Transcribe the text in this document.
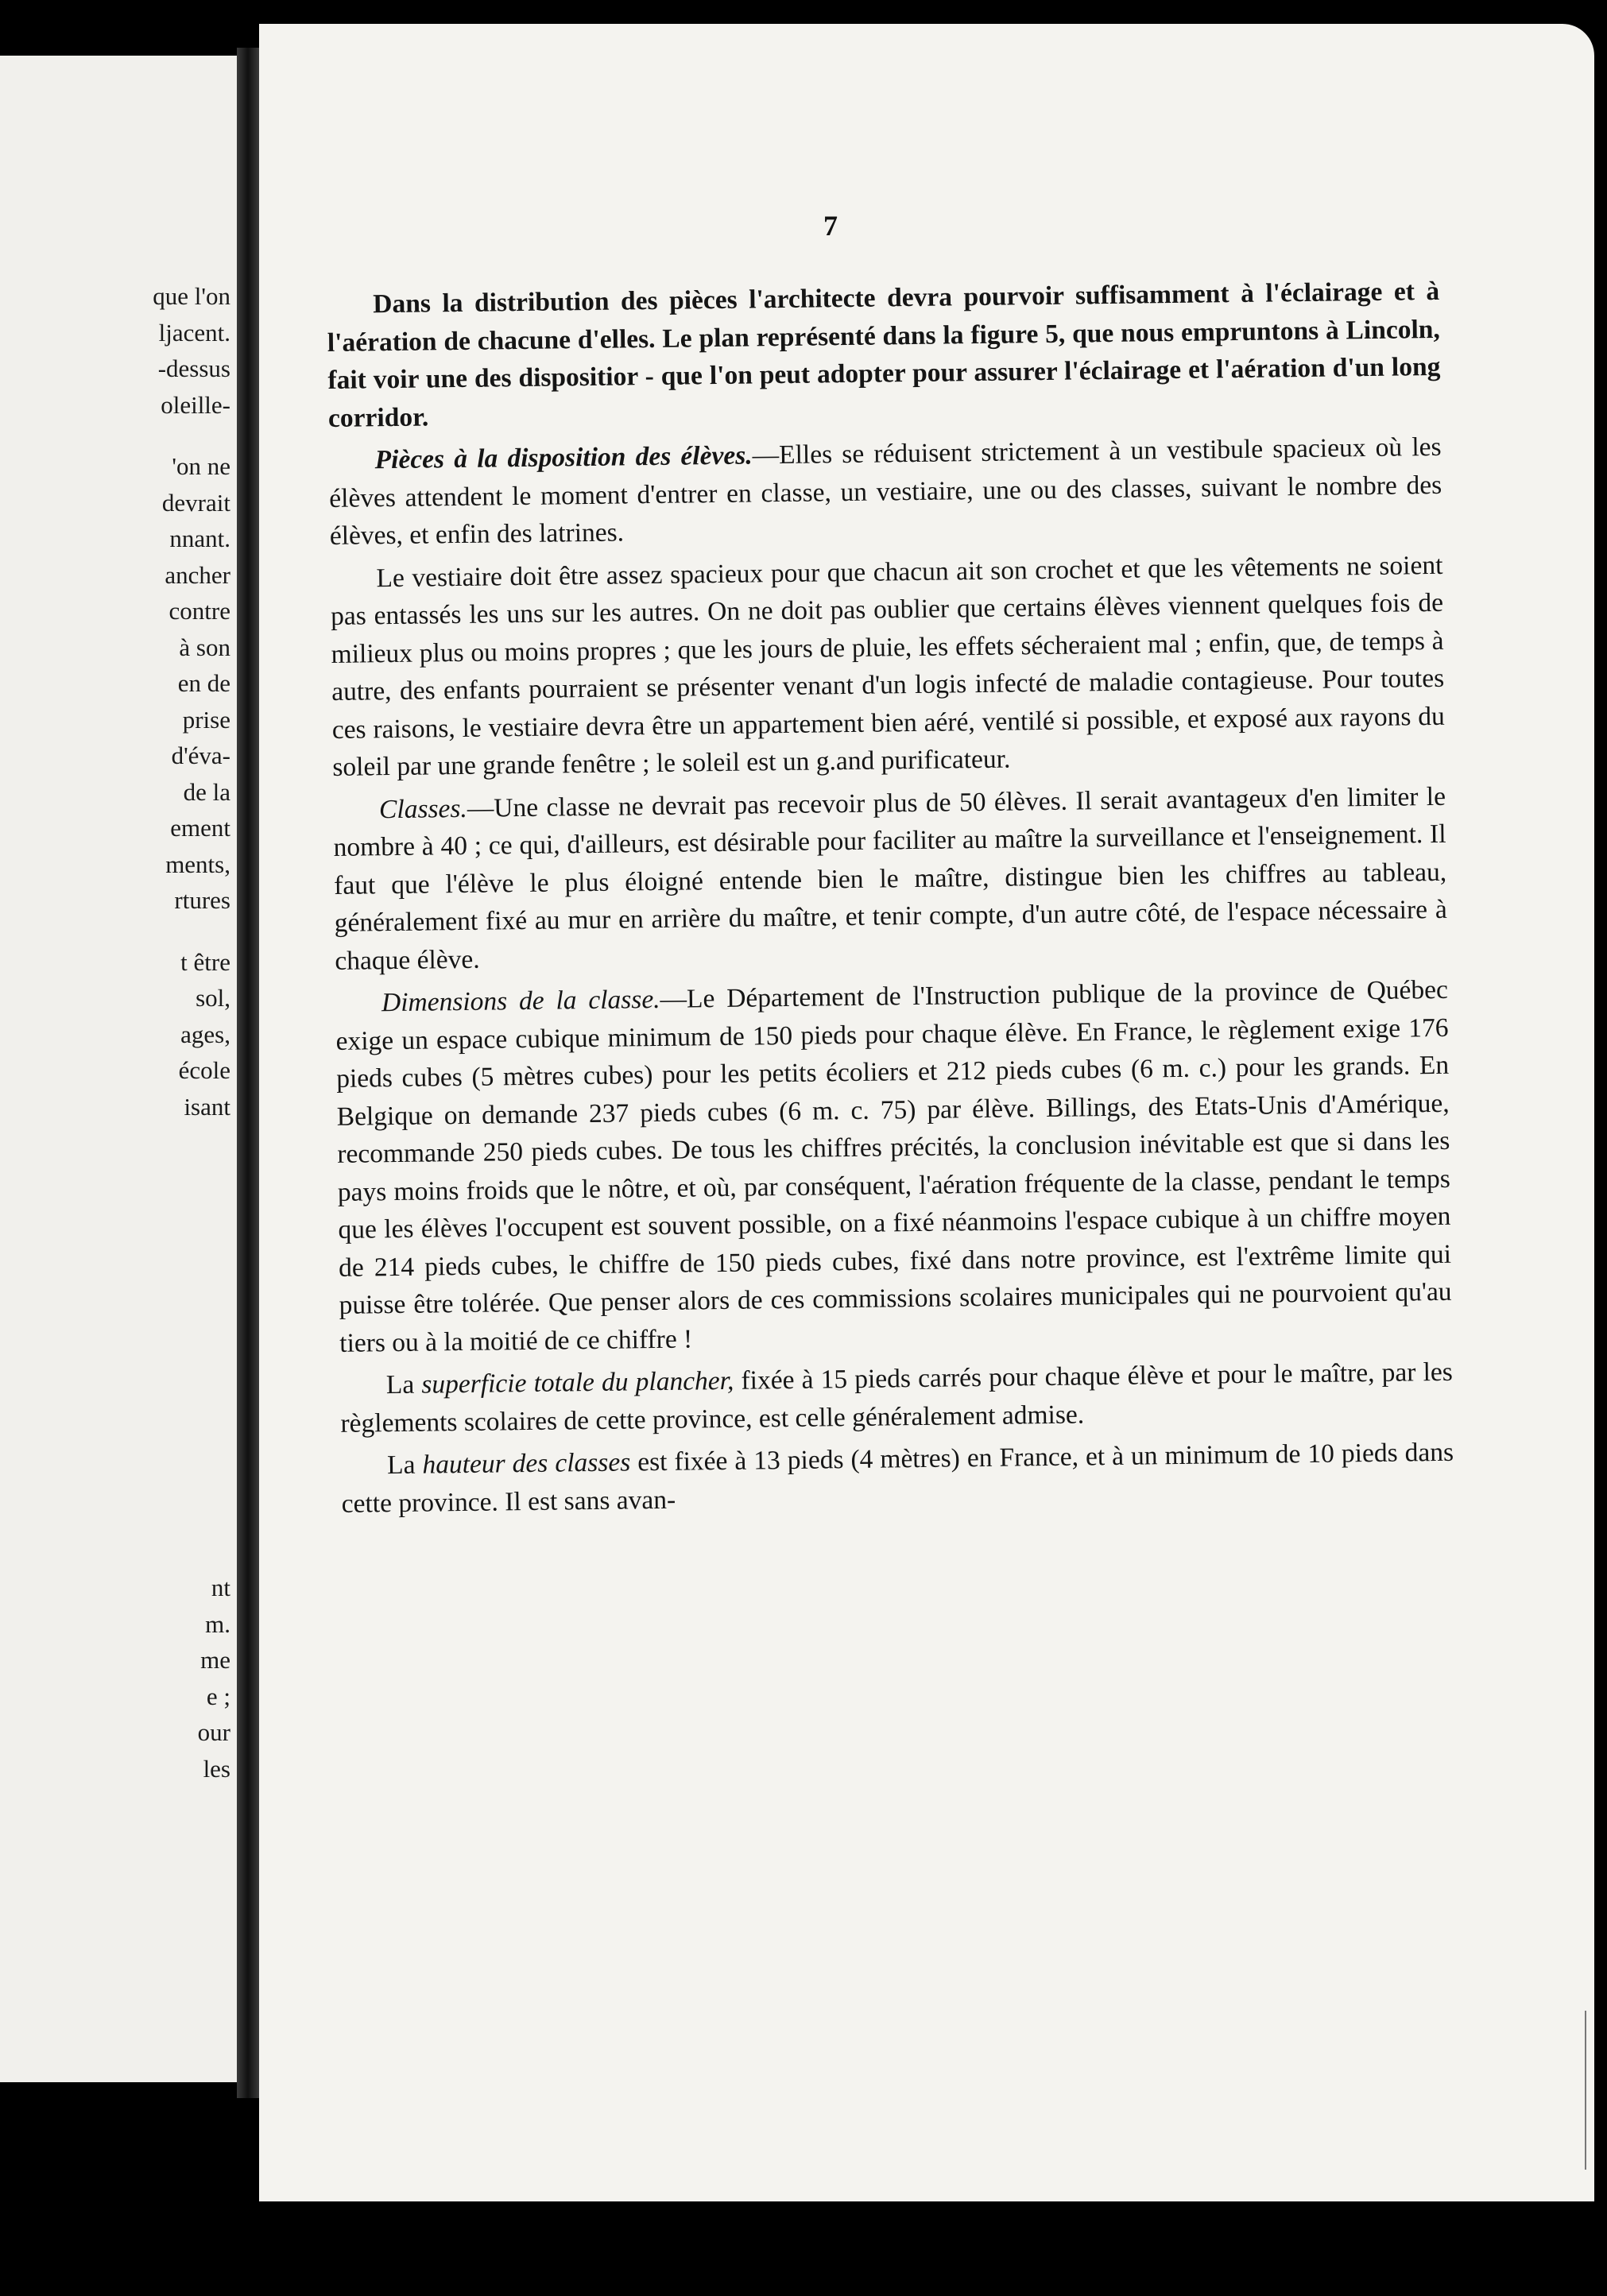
que l'on
ljacent.
-dessus
oleille-
'on ne
devrait
nnant.
ancher
contre
à son
en de
prise
d'éva-
de la
ement
ments,
rtures
t être
sol,
ages,
école
isant
nt
m.
me
e ;
our
les
7

Dans la distribution des pièces l'architecte devra pourvoir suffisamment à l'éclairage et à l'aération de chacune d'elles. Le plan représenté dans la figure 5, que nous empruntons à Lincoln, fait voir une des dispositior - que l'on peut adopter pour assurer l'éclairage et l'aération d'un long corridor.

Pièces à la disposition des élèves.—Elles se réduisent strictement à un vestibule spacieux où les élèves attendent le moment d'entrer en classe, un vestiaire, une ou des classes, suivant le nombre des élèves, et enfin des latrines.

Le vestiaire doit être assez spacieux pour que chacun ait son crochet et que les vêtements ne soient pas entassés les uns sur les autres. On ne doit pas oublier que certains élèves viennent quelques fois de milieux plus ou moins propres ; que les jours de pluie, les effets sécheraient mal ; enfin, que, de temps à autre, des enfants pourraient se présenter venant d'un logis infecté de maladie contagieuse. Pour toutes ces raisons, le vestiaire devra être un appartement bien aéré, ventilé si possible, et exposé aux rayons du soleil par une grande fenêtre ; le soleil est un g.and purificateur.

Classes.—Une classe ne devrait pas recevoir plus de 50 élèves. Il serait avantageux d'en limiter le nombre à 40 ; ce qui, d'ailleurs, est désirable pour faciliter au maître la surveillance et l'enseignement. Il faut que l'élève le plus éloigné entende bien le maître, distingue bien les chiffres au tableau, généralement fixé au mur en arrière du maître, et tenir compte, d'un autre côté, de l'espace nécessaire à chaque élève.

Dimensions de la classe.—Le Département de l'Instruction publique de la province de Québec exige un espace cubique minimum de 150 pieds pour chaque élève. En France, le règlement exige 176 pieds cubes (5 mètres cubes) pour les petits écoliers et 212 pieds cubes (6 m. c.) pour les grands. En Belgique on demande 237 pieds cubes (6 m. c. 75) par élève. Billings, des Etats-Unis d'Amérique, recommande 250 pieds cubes. De tous les chiffres précités, la conclusion inévitable est que si dans les pays moins froids que le nôtre, et où, par conséquent, l'aération fréquente de la classe, pendant le temps que les élèves l'occupent est souvent possible, on a fixé néanmoins l'espace cubique à un chiffre moyen de 214 pieds cubes, le chiffre de 150 pieds cubes, fixé dans notre province, est l'extrême limite qui puisse être tolérée. Que penser alors de ces commissions scolaires municipales qui ne pourvoient qu'au tiers ou à la moitié de ce chiffre !

La superficie totale du plancher, fixée à 15 pieds carrés pour chaque élève et pour le maître, par les règlements scolaires de cette province, est celle généralement admise.

La hauteur des classes est fixée à 13 pieds (4 mètres) en France, et à un minimum de 10 pieds dans cette province. Il est sans avan-
